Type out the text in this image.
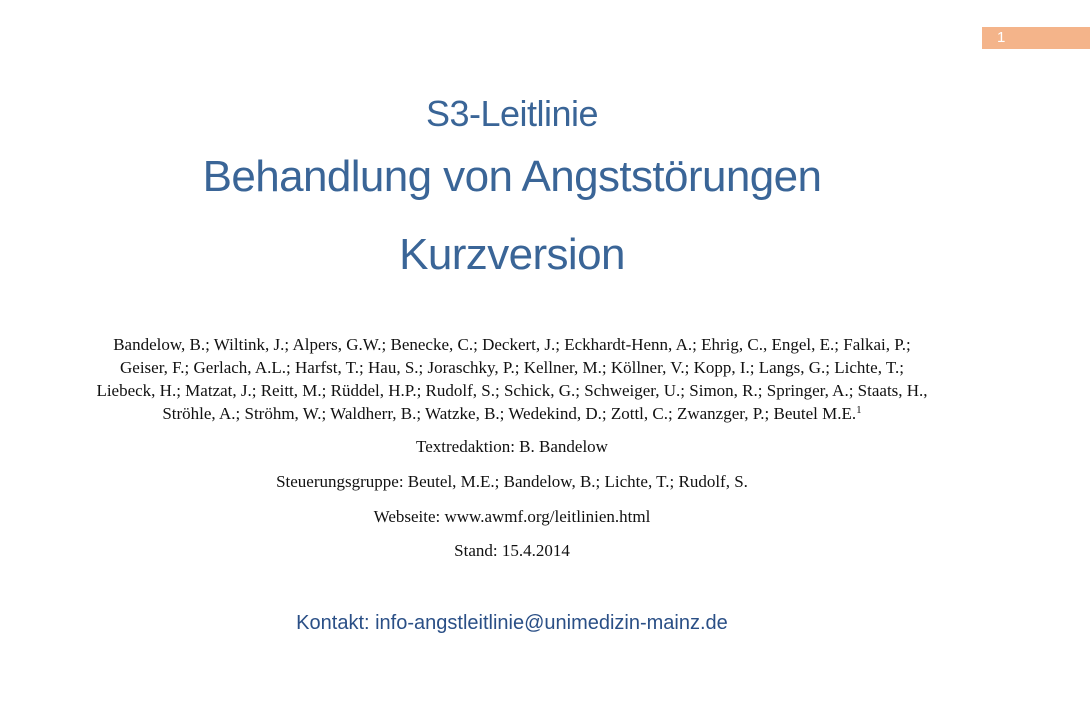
1
S3-Leitlinie
Behandlung von Angststörungen
Kurzversion
Bandelow, B.; Wiltink, J.; Alpers, G.W.; Benecke, C.; Deckert, J.; Eckhardt-Henn, A.; Ehrig, C., Engel, E.; Falkai, P.;
Geiser, F.; Gerlach, A.L.; Harfst, T.; Hau, S.; Joraschky, P.; Kellner, M.; Köllner, V.; Kopp, I.; Langs, G.; Lichte, T.;
Liebeck, H.; Matzat, J.; Reitt, M.; Rüddel, H.P.; Rudolf, S.; Schick, G.; Schweiger, U.; Simon, R.; Springer, A.; Staats, H.,
Ströhle, A.; Ströhm, W.; Waldherr, B.; Watzke, B.; Wedekind, D.; Zottl, C.; Zwanzger, P.; Beutel M.E.$^1$
Textredaktion: B. Bandelow
Steuerungsgruppe: Beutel, M.E.; Bandelow, B.; Lichte, T.; Rudolf, S.
Webseite: www.awmf.org/leitlinien.html
Stand: 15.4.2014
Kontakt: info-angstleitlinie@unimedizin-mainz.de
